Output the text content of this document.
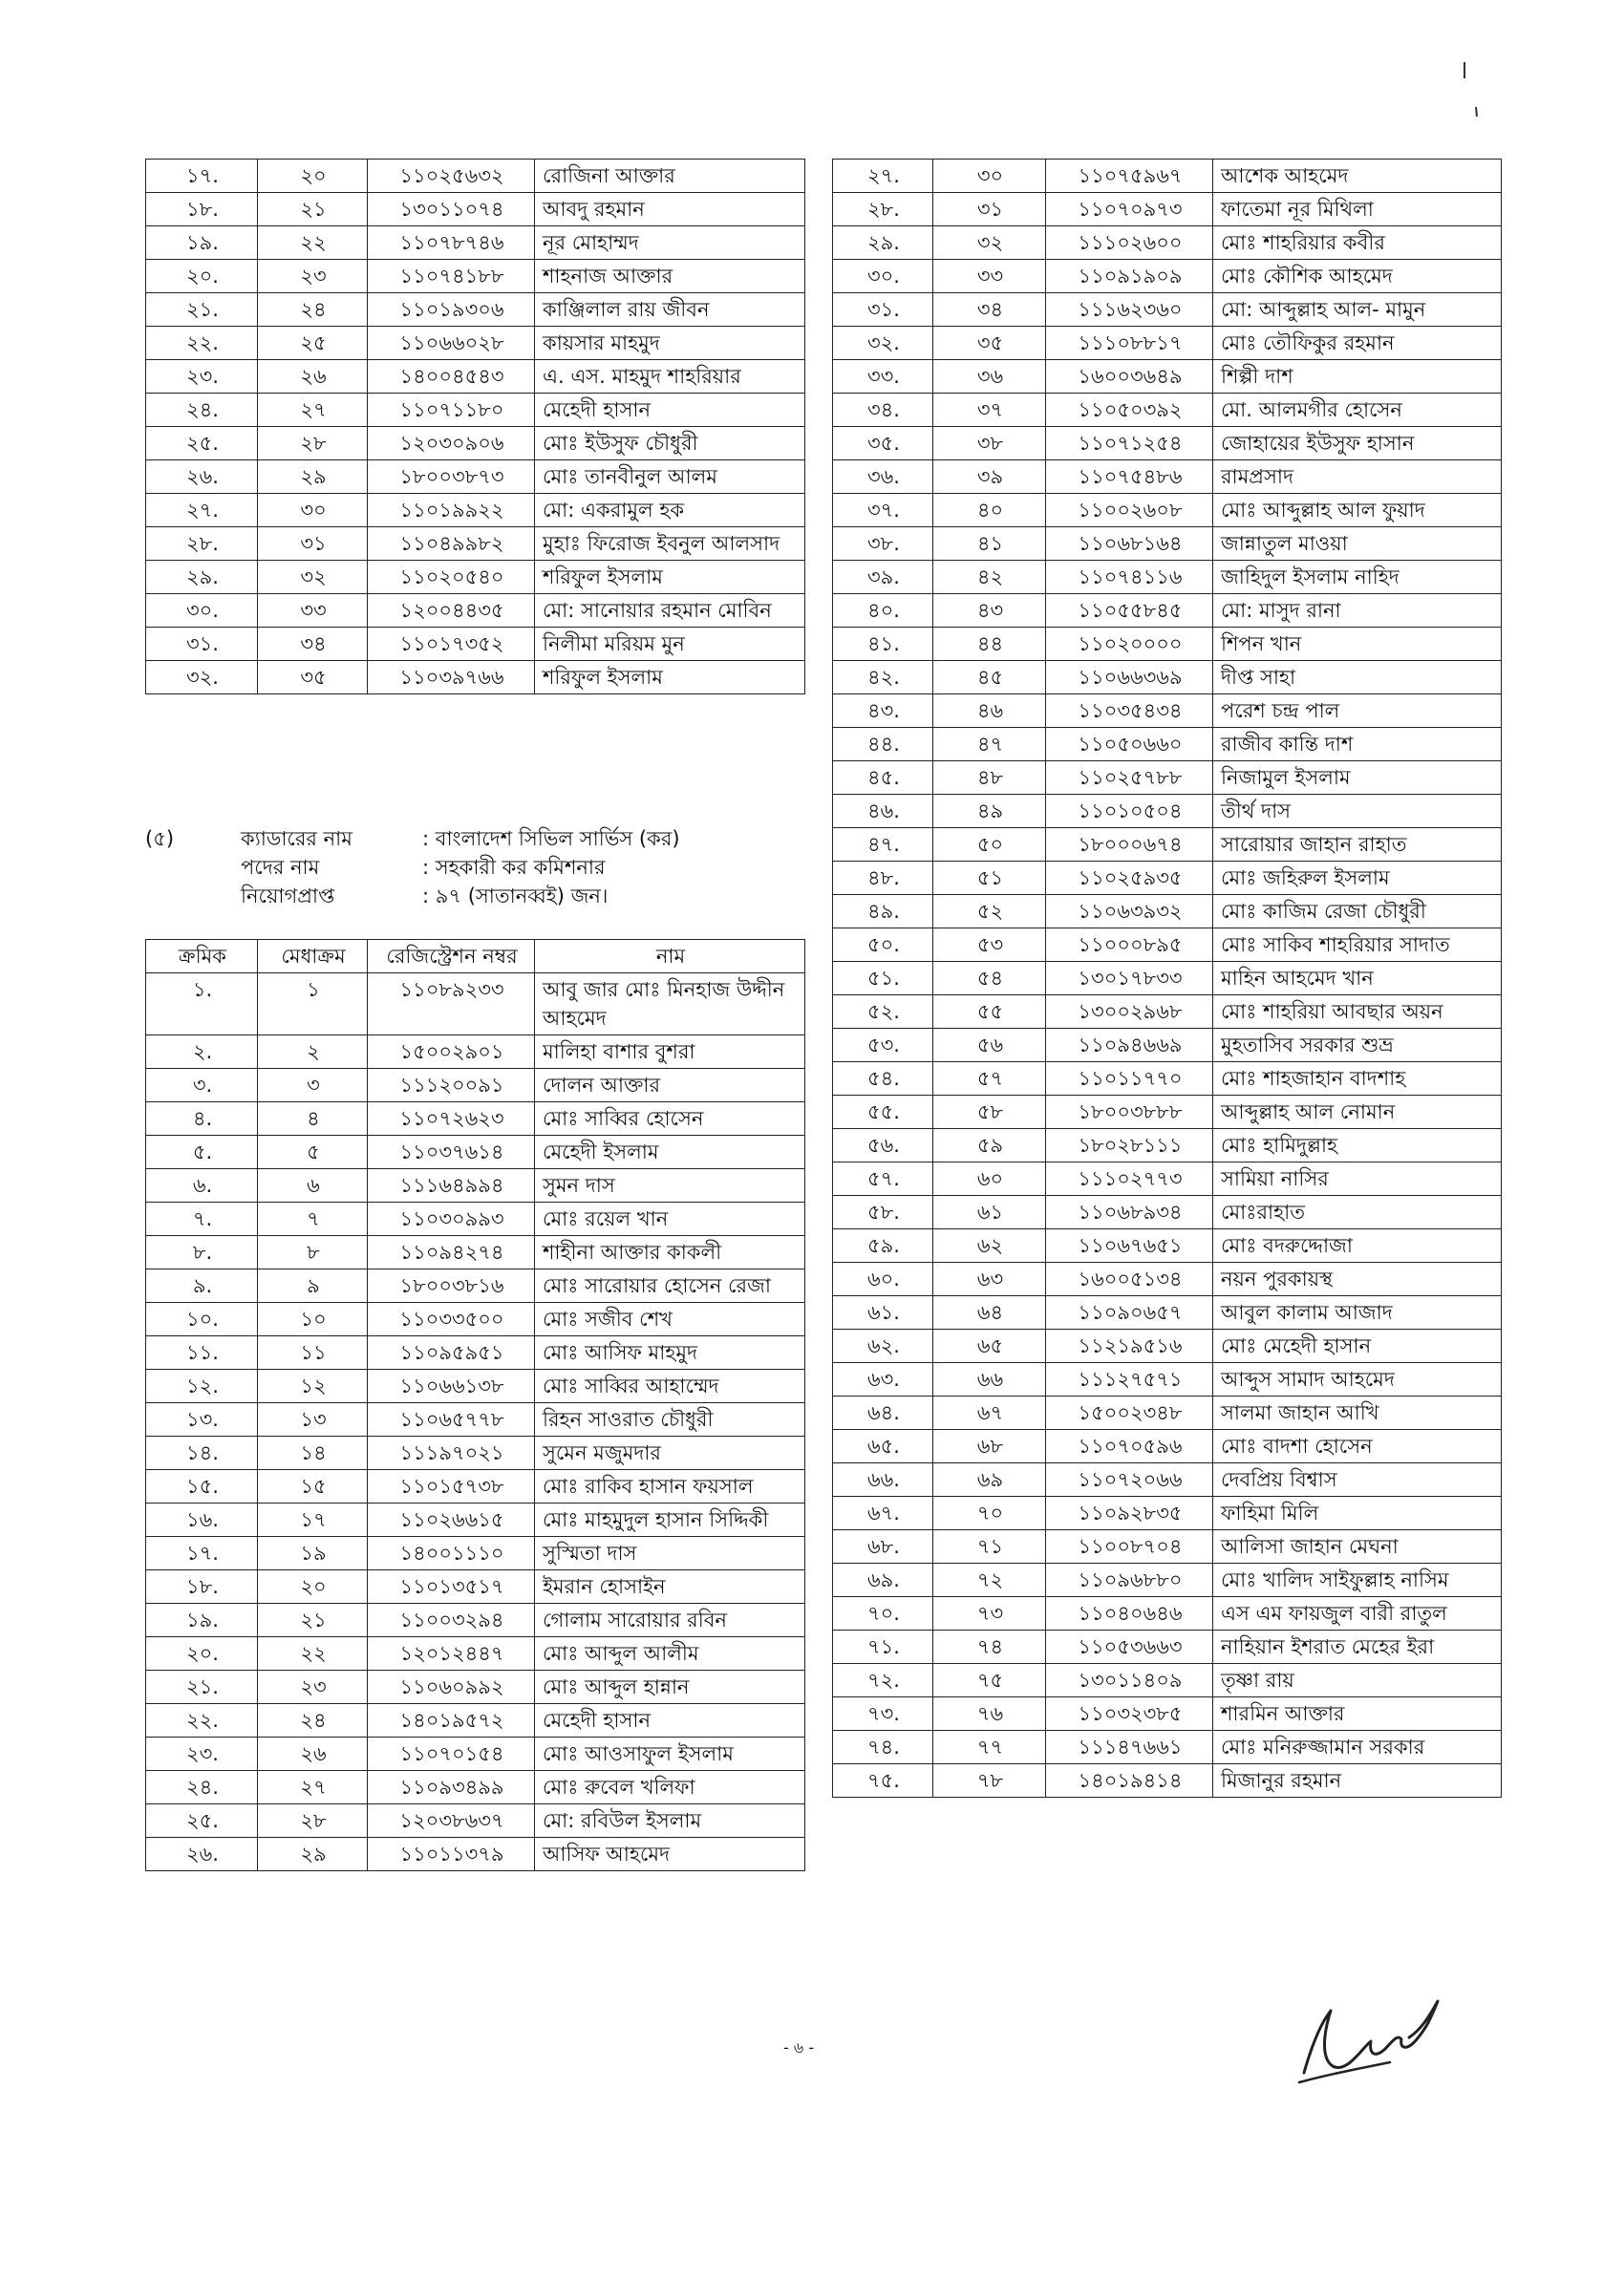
১৭.	২০	১১০২৫৬৩২	রোজিনা আক্তার
১৮.	২১	১৩০১১০৭৪	আবদু রহমান
১৯.	২২	১১০৭৮৭৪৬	নূর মোহাম্মদ
২০.	২৩	১১০৭৪১৮৮	শাহনাজ আক্তার
২১.	২৪	১১০১৯৩০৬	কাঞ্জিলাল রায় জীবন
২২.	২৫	১১০৬৬০২৮	কায়সার মাহমুদ
২৩.	২৬	১৪০০৪৫৪৩	এ. এস. মাহমুদ শাহরিয়ার
২৪.	২৭	১১০৭১১৮০	মেহেদী হাসান
২৫.	২৮	১২০৩০৯০৬	মোঃ ইউসুফ চৌধুরী
২৬.	২৯	১৮০০৩৮৭৩	মোঃ তানবীনুল আলম
২৭.	৩০	১১০১৯৯২২	মো: একরামুল হক
২৮.	৩১	১১০৪৯৯৮২	মুহাঃ ফিরোজ ইবনুল আলসাদ
২৯.	৩২	১১০২০৫৪০	শরিফুল ইসলাম
৩০.	৩৩	১২০০৪৪৩৫	মো: সানোয়ার রহমান মোবিন
৩১.	৩৪	১১০১৭৩৫২	নিলীমা মরিয়ম মুন
৩২.	৩৫	১১০৩৯৭৬৬	শরিফুল ইসলাম
(৫)	ক্যাডারের নাম	: বাংলাদেশ সিভিল সার্ভিস (কর)
পদের নাম	: সহকারী কর কমিশনার
নিয়োগপ্রাপ্ত	: ৯৭ (সাতানব্বই) জন।
ক্রমিক	মেধাক্রম	রেজিস্ট্রেশন নম্বর	নাম
১.	১	১১০৮৯২৩৩	আবু জার মোঃ মিনহাজ উদ্দীন আহমেদ
২.	২	১৫০০২৯০১	মালিহা বাশার বুশরা
৩.	৩	১১১২০০৯১	দোলন আক্তার
৪.	৪	১১০৭২৬২৩	মোঃ সাব্বির হোসেন
৫.	৫	১১০৩৭৬১৪	মেহেদী ইসলাম
৬.	৬	১১১৬৪৯৯৪	সুমন দাস
৭.	৭	১১০৩০৯৯৩	মোঃ রয়েল খান
৮.	৮	১১০৯৪২৭৪	শাহীনা আক্তার কাকলী
৯.	৯	১৮০০৩৮১৬	মোঃ সারোয়ার হোসেন রেজা
১০.	১০	১১০৩৩৫০০	মোঃ সজীব শেখ
১১.	১১	১১০৯৫৯৫১	মোঃ আসিফ মাহমুদ
১২.	১২	১১০৬৬১৩৮	মোঃ সাব্বির আহাম্মেদ
১৩.	১৩	১১০৬৫৭৭৮	রিহন সাওরাত চৌধুরী
১৪.	১৪	১১১৯৭০২১	সুমেন মজুমদার
১৫.	১৫	১১০১৫৭৩৮	মোঃ রাকিব হাসান ফয়সাল
১৬.	১৭	১১০২৬৬১৫	মোঃ মাহমুদুল হাসান সিদ্দিকী
১৭.	১৯	১৪০০১১১০	সুস্মিতা দাস
১৮.	২০	১১০১৩৫১৭	ইমরান হোসাইন
১৯.	২১	১১০০৩২৯৪	গোলাম সারোয়ার রবিন
২০.	২২	১২০১২৪৪৭	মোঃ আব্দুল আলীম
২১.	২৩	১১০৬০৯৯২	মোঃ আব্দুল হান্নান
২২.	২৪	১৪০১৯৫৭২	মেহেদী হাসান
২৩.	২৬	১১০৭০১৫৪	মোঃ আওসাফুল ইসলাম
২৪.	২৭	১১০৯৩৪৯৯	মোঃ রুবেল খলিফা
২৫.	২৮	১২০৩৮৬৩৭	মো: রবিউল ইসলাম
২৬.	২৯	১১০১১৩৭৯	আসিফ আহমেদ
২৭.	৩০	১১০৭৫৯৬৭	আশেক আহমেদ
২৮.	৩১	১১০৭০৯৭৩	ফাতেমা নূর মিথিলা
২৯.	৩২	১১১০২৬০০	মোঃ শাহরিয়ার কবীর
৩০.	৩৩	১১০৯১৯০৯	মোঃ কৌশিক আহমেদ
৩১.	৩৪	১১১৬২৩৬০	মো: আব্দুল্লাহ আল- মামুন
৩২.	৩৫	১১১০৮৮১৭	মোঃ তৌফিকুর রহমান
৩৩.	৩৬	১৬০০৩৬৪৯	শিল্পী দাশ
৩৪.	৩৭	১১০৫০৩৯২	মো. আলমগীর হোসেন
৩৫.	৩৮	১১০৭১২৫৪	জোহায়ের ইউসুফ হাসান
৩৬.	৩৯	১১০৭৫৪৮৬	রামপ্রসাদ
৩৭.	৪০	১১০০২৬০৮	মোঃ আব্দুল্লাহ আল ফুয়াদ
৩৮.	৪১	১১০৬৮১৬৪	জান্নাতুল মাওয়া
৩৯.	৪২	১১০৭৪১১৬	জাহিদুল ইসলাম নাহিদ
৪০.	৪৩	১১০৫৫৮৪৫	মো: মাসুদ রানা
৪১.	৪৪	১১০২০০০০	শিপন খান
৪২.	৪৫	১১০৬৬৩৬৯	দীপ্ত সাহা
৪৩.	৪৬	১১০৩৫৪৩৪	পরেশ চন্দ্র পাল
৪৪.	৪৭	১১০৫০৬৬০	রাজীব কান্তি দাশ
৪৫.	৪৮	১১০২৫৭৮৮	নিজামুল ইসলাম
৪৬.	৪৯	১১০১০৫০৪	তীর্থ দাস
৪৭.	৫০	১৮০০০৬৭৪	সারোয়ার জাহান রাহাত
৪৮.	৫১	১১০২৫৯৩৫	মোঃ জহিরুল ইসলাম
৪৯.	৫২	১১০৬৩৯৩২	মোঃ কাজিম রেজা চৌধুরী
৫০.	৫৩	১১০০০৮৯৫	মোঃ সাকিব শাহরিয়ার সাদাত
৫১.	৫৪	১৩০১৭৮৩৩	মাহিন আহমেদ খান
৫২.	৫৫	১৩০০২৯৬৮	মোঃ শাহরিয়া আবছার অয়ন
৫৩.	৫৬	১১০৯৪৬৬৯	মুহতাসিব সরকার শুভ্র
৫৪.	৫৭	১১০১১৭৭০	মোঃ শাহজাহান বাদশাহ
৫৫.	৫৮	১৮০০৩৮৮৮	আব্দুল্লাহ আল নোমান
৫৬.	৫৯	১৮০২৮১১১	মোঃ হামিদুল্লাহ
৫৭.	৬০	১১১০২৭৭৩	সামিয়া নাসির
৫৮.	৬১	১১০৬৮৯৩৪	মোঃরাহাত
৫৯.	৬২	১১০৬৭৬৫১	মোঃ বদরুদ্দোজা
৬০.	৬৩	১৬০০৫১৩৪	নয়ন পুরকায়স্থ
৬১.	৬৪	১১০৯০৬৫৭	আবুল কালাম আজাদ
৬২.	৬৫	১১২১৯৫১৬	মোঃ মেহেদী হাসান
৬৩.	৬৬	১১১২৭৫৭১	আব্দুস সামাদ আহমেদ
৬৪.	৬৭	১৫০০২৩৪৮	সালমা জাহান আখি
৬৫.	৬৮	১১০৭০৫৯৬	মোঃ বাদশা হোসেন
৬৬.	৬৯	১১০৭২০৬৬	দেবপ্রিয় বিশ্বাস
৬৭.	৭০	১১০৯২৮৩৫	ফাহিমা মিলি
৬৮.	৭১	১১০০৮৭০৪	আলিসা জাহান মেঘনা
৬৯.	৭২	১১০৯৬৮৮০	মোঃ খালিদ সাইফুল্লাহ নাসিম
৭০.	৭৩	১১০৪০৬৪৬	এস এম ফায়জুল বারী রাতুল
৭১.	৭৪	১১০৫৩৬৬৩	নাহিয়ান ইশরাত মেহের ইরা
৭২.	৭৫	১৩০১১৪০৯	তৃষ্ণা রায়
৭৩.	৭৬	১১০৩২৩৮৫	শারমিন আক্তার
৭৪.	৭৭	১১১৪৭৬৬১	মোঃ মনিরুজ্জামান সরকার
৭৫.	৭৮	১৪০১৯৪১৪	মিজানুর রহমান
- ৬ -
